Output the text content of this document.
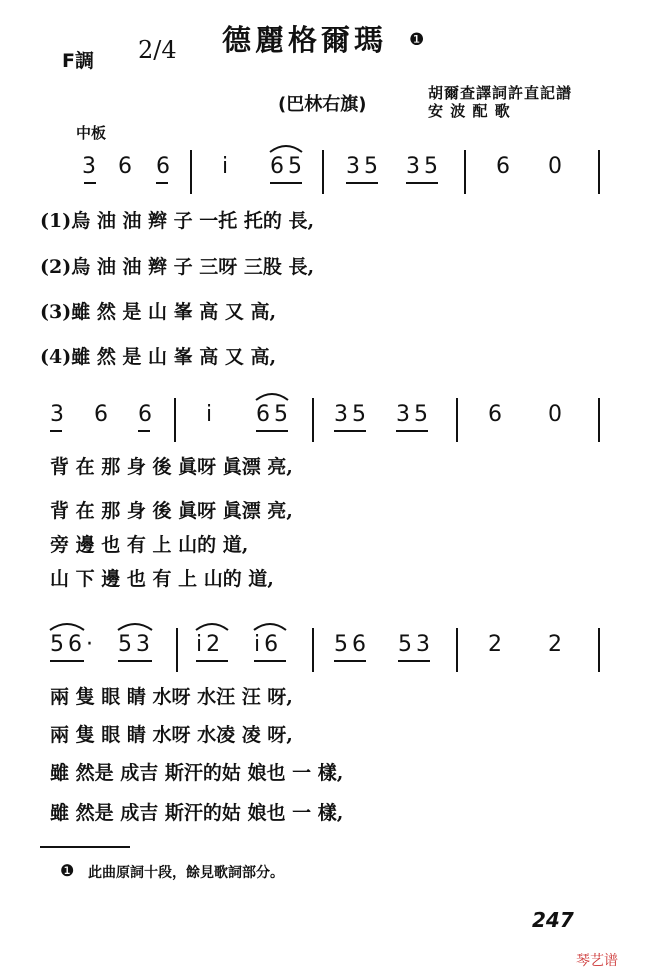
德麗格爾瑪 ❶
F調 2/4
(巴林右旗)
胡爾查譯詞許直記譜
安 波 配 歌
中板
3 6 6 i 65 35 35 6 0
(1)烏 油 油 辫 子 一托 托的 長,
(2)烏 油 油 辫 子 三呀 三股 長,
(3)雖 然 是 山 峯 高 又 高,
(4)雖 然 是 山 峯 高 又 高,
3 6 6 i 65 35 35	6 0
背 在 那 身 後 眞呀 眞漂 亮,
背 在 那 身 後 眞呀 眞漂 亮,
旁 邊 也 有 上 山的 道,
山 下 邊 也 有 上 山的 道,
56· 53 i2 i6 56 53 2 2
兩 隻 眼 睛 水呀 水汪 汪 呀,
兩 隻 眼 睛 水呀 水凌 凌 呀,
雖 然是 成吉 斯汗的姑 娘也 一 樣,
雖 然是 成吉 斯汗的姑 娘也 一 樣,
❶ 此曲原詞十段，餘見歌詞部分。
247
琴艺谱
